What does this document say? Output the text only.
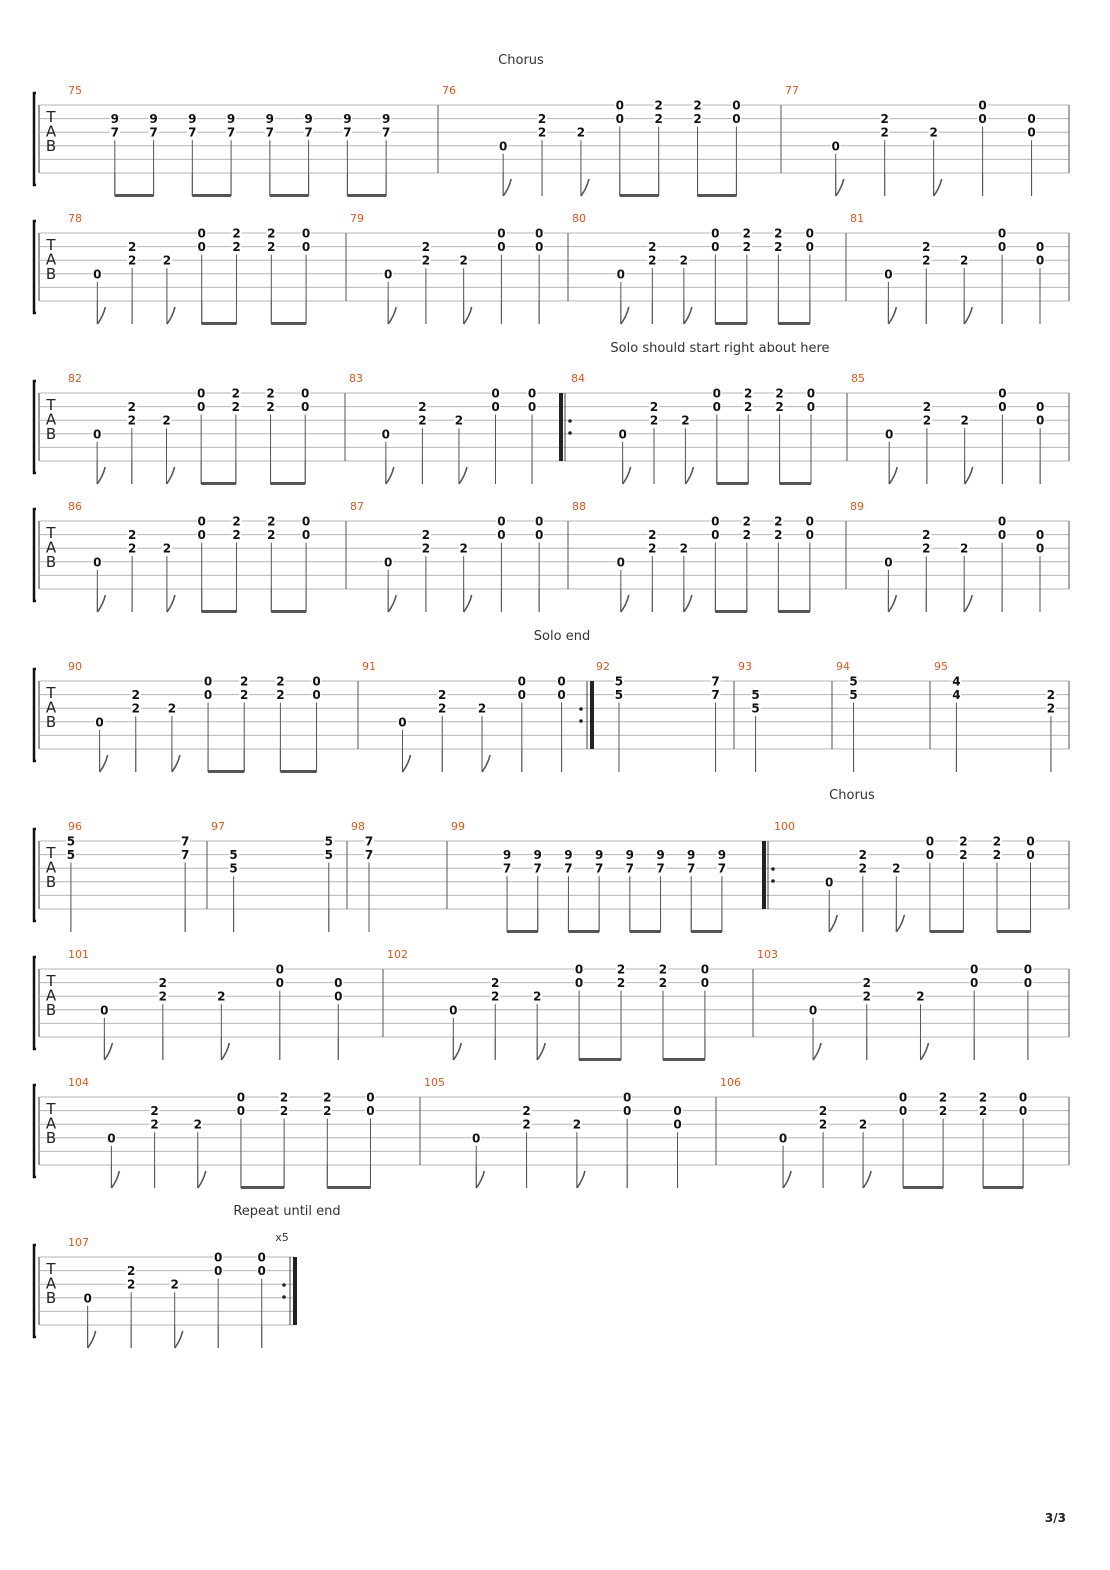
T
A
B
75
9
7
9
7
9
7
9
7
9
7
9
7
9
7
9
7
76
0
2
2	2
0
0
2
2
2
2
0
0
77
0
2
2	2
0
0	0
0
T
A
B
78
0
2
2 2
0
0
2
2
2
2
0
0
79
0
2
2 2
0
0
0
0
80
0
2
2 2
0
0
2
2
2
2
0
0
81
0
2
2 2
0
0 0
0
T
A
B
82
0
2
2 2
0
0
2
2
2
2
0
0
83
0
2
2 2
0
0
0
0
84
0
2
2 2
0
0
2
2
2
2
0
0
85
0
2
2 2
0
0 0
0
T
A
B
86
0
2
2 2
0
0
2
2
2
2
0
0
87
0
2
2 2
0
0
0
0
88
0
2
2 2
0
0
2
2
2
2
0
0
89
0
2
2 2
0
0 0
0
T
A
B
90
0
2
2 2
0
0
2
2
2
2
0
0
91
0
2
2	2
0
0
0
0
92
5
5
7
7
93
5
5
94
5
5
95
4
4	2
2
T
A
B
96
5
5
7
7
97
5
5
5
5
98
7
7
99
9
7
9
7
9
7
9
7
9
7
9
7
9
7
9
7
100
0
2
2 2
0
0
2
2
2
2
0
0
T
A
B
101
0
2
2	2
0
0	0
0
102
0
2
2	2
0
0
2
2
2
2
0
0
103
0
2
2	2
0
0
0
0
T
A
B
104
0
2
2	2
0
0
2
2
2
2
0
0
105
0
2
2	2
0
0	0
0
106
0
2
2	2
0
0
2
2
2
2
0
0
T
A
B
107
0
2
2	2
0
0
0
0
Chorus
Solo should start right about here
Solo end
Chorus
Repeat until end
x5
3/3
